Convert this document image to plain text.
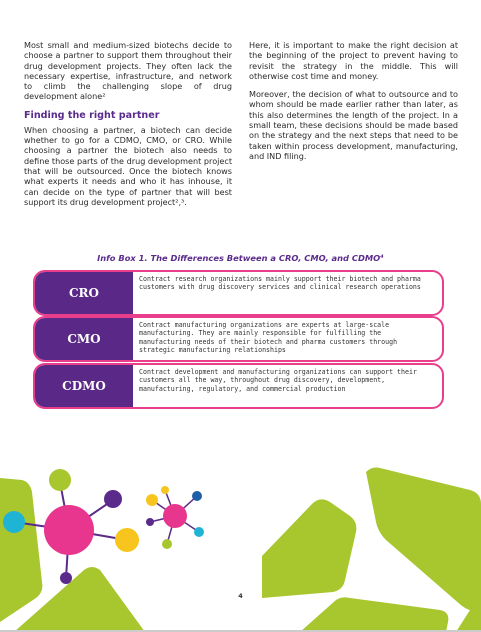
Most small and medium-sized biotechs decide to choose a partner to support them throughout their drug development projects. They often lack the necessary expertise, infrastructure, and network to climb the challenging slope of drug development alone²

Finding the right partner

When choosing a partner, a biotech can decide whether to go for a CDMO, CMO, or CRO. While choosing a partner the biotech also needs to define those parts of the drug development project that will be outsourced. Once the biotech knows what experts it needs and who it has inhouse, it can decide on the type of partner that will best support its drug development project²,³.

Here, it is important to make the right decision at the beginning of the project to prevent having to revisit the strategy in the middle. This will otherwise cost time and money.

Moreover, the decision of what to outsource and to whom should be made earlier rather than later, as this also determines the length of the project. In a small team, these decisions should be made based on the strategy and the next steps that need to be taken within process development, manufacturing, and IND filing.

Info Box 1. The Differences Between a CRO, CMO, and CDMO⁴
CRO
Contract research organizations mainly support their biotech and pharma customers with drug discovery services and clinical research operations
CMO
Contract manufacturing organizations are experts at large-scale manufacturing. They are mainly responsible for fulfilling the manufacturing needs of their biotech and pharma customers through strategic manufacturing relationships
CDMO
Contract development and manufacturing organizations can support their customers all the way, throughout drug discovery, development, manufacturing, regulatory, and commercial production
4
